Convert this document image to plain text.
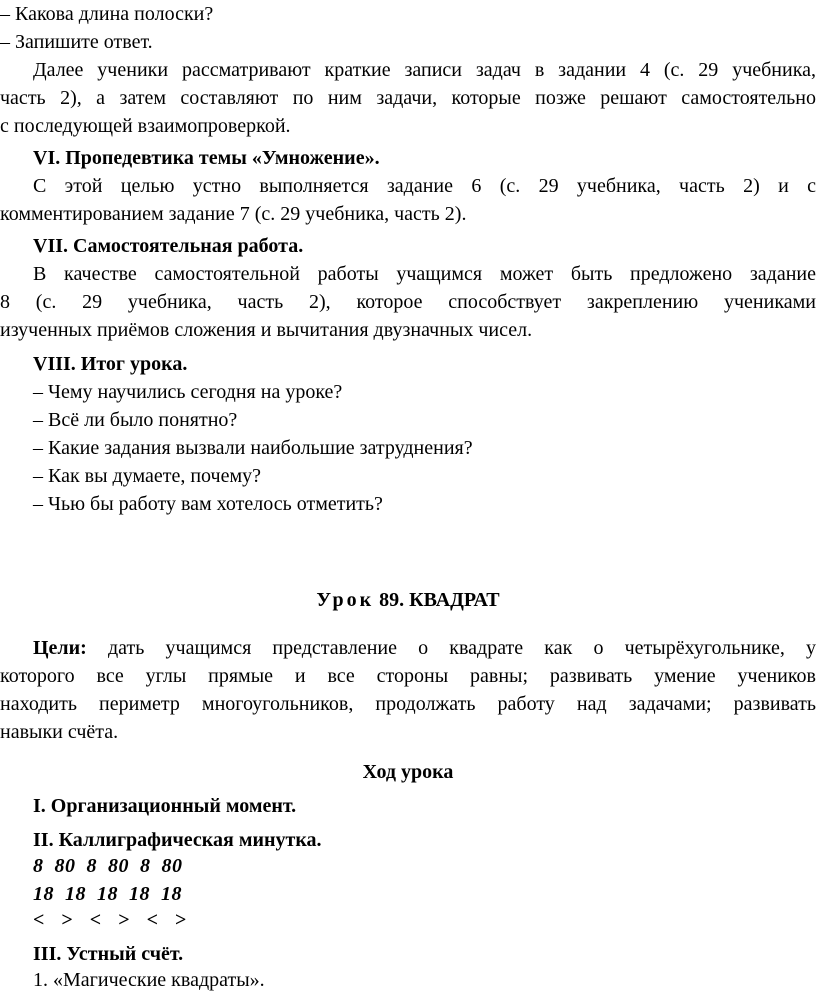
– Какова длина полоски?
– Запишите ответ.
Далее ученики рассматривают краткие записи задач в задании 4 (с. 29 учебника,
часть 2), а затем составляют по ним задачи, которые позже решают самостоятельно
с последующей взаимопроверкой.
VI. Пропедевтика темы «Умножение».
С этой целью устно выполняется задание 6 (с. 29 учебника, часть 2) и с
комментированием задание 7 (с. 29 учебника, часть 2).
VII. Самостоятельная работа.
В качестве самостоятельной работы учащимся может быть предложено задание
8 (с. 29 учебника, часть 2), которое способствует закреплению учениками
изученных приёмов сложения и вычитания двузначных чисел.
VIII. Итог урока.
– Чему научились сегодня на уроке?
– Всё ли было понятно?
– Какие задания вызвали наибольшие затруднения?
– Как вы думаете, почему?
– Чью бы работу вам хотелось отметить?
Урок 89. КВАДРАТ
Цели: дать учащимся представление о квадрате как о четырёхугольнике, у
которого все углы прямые и все стороны равны; развивать умение учеников
находить периметр многоугольников, продолжать работу над задачами; развивать
навыки счёта.
Ход урока
I. Организационный момент.
II. Каллиграфическая минутка.
8  80  8  80  8  80
18  18  18  18  18
< > < > < >
III. Устный счёт.
1. «Магические квадраты».
